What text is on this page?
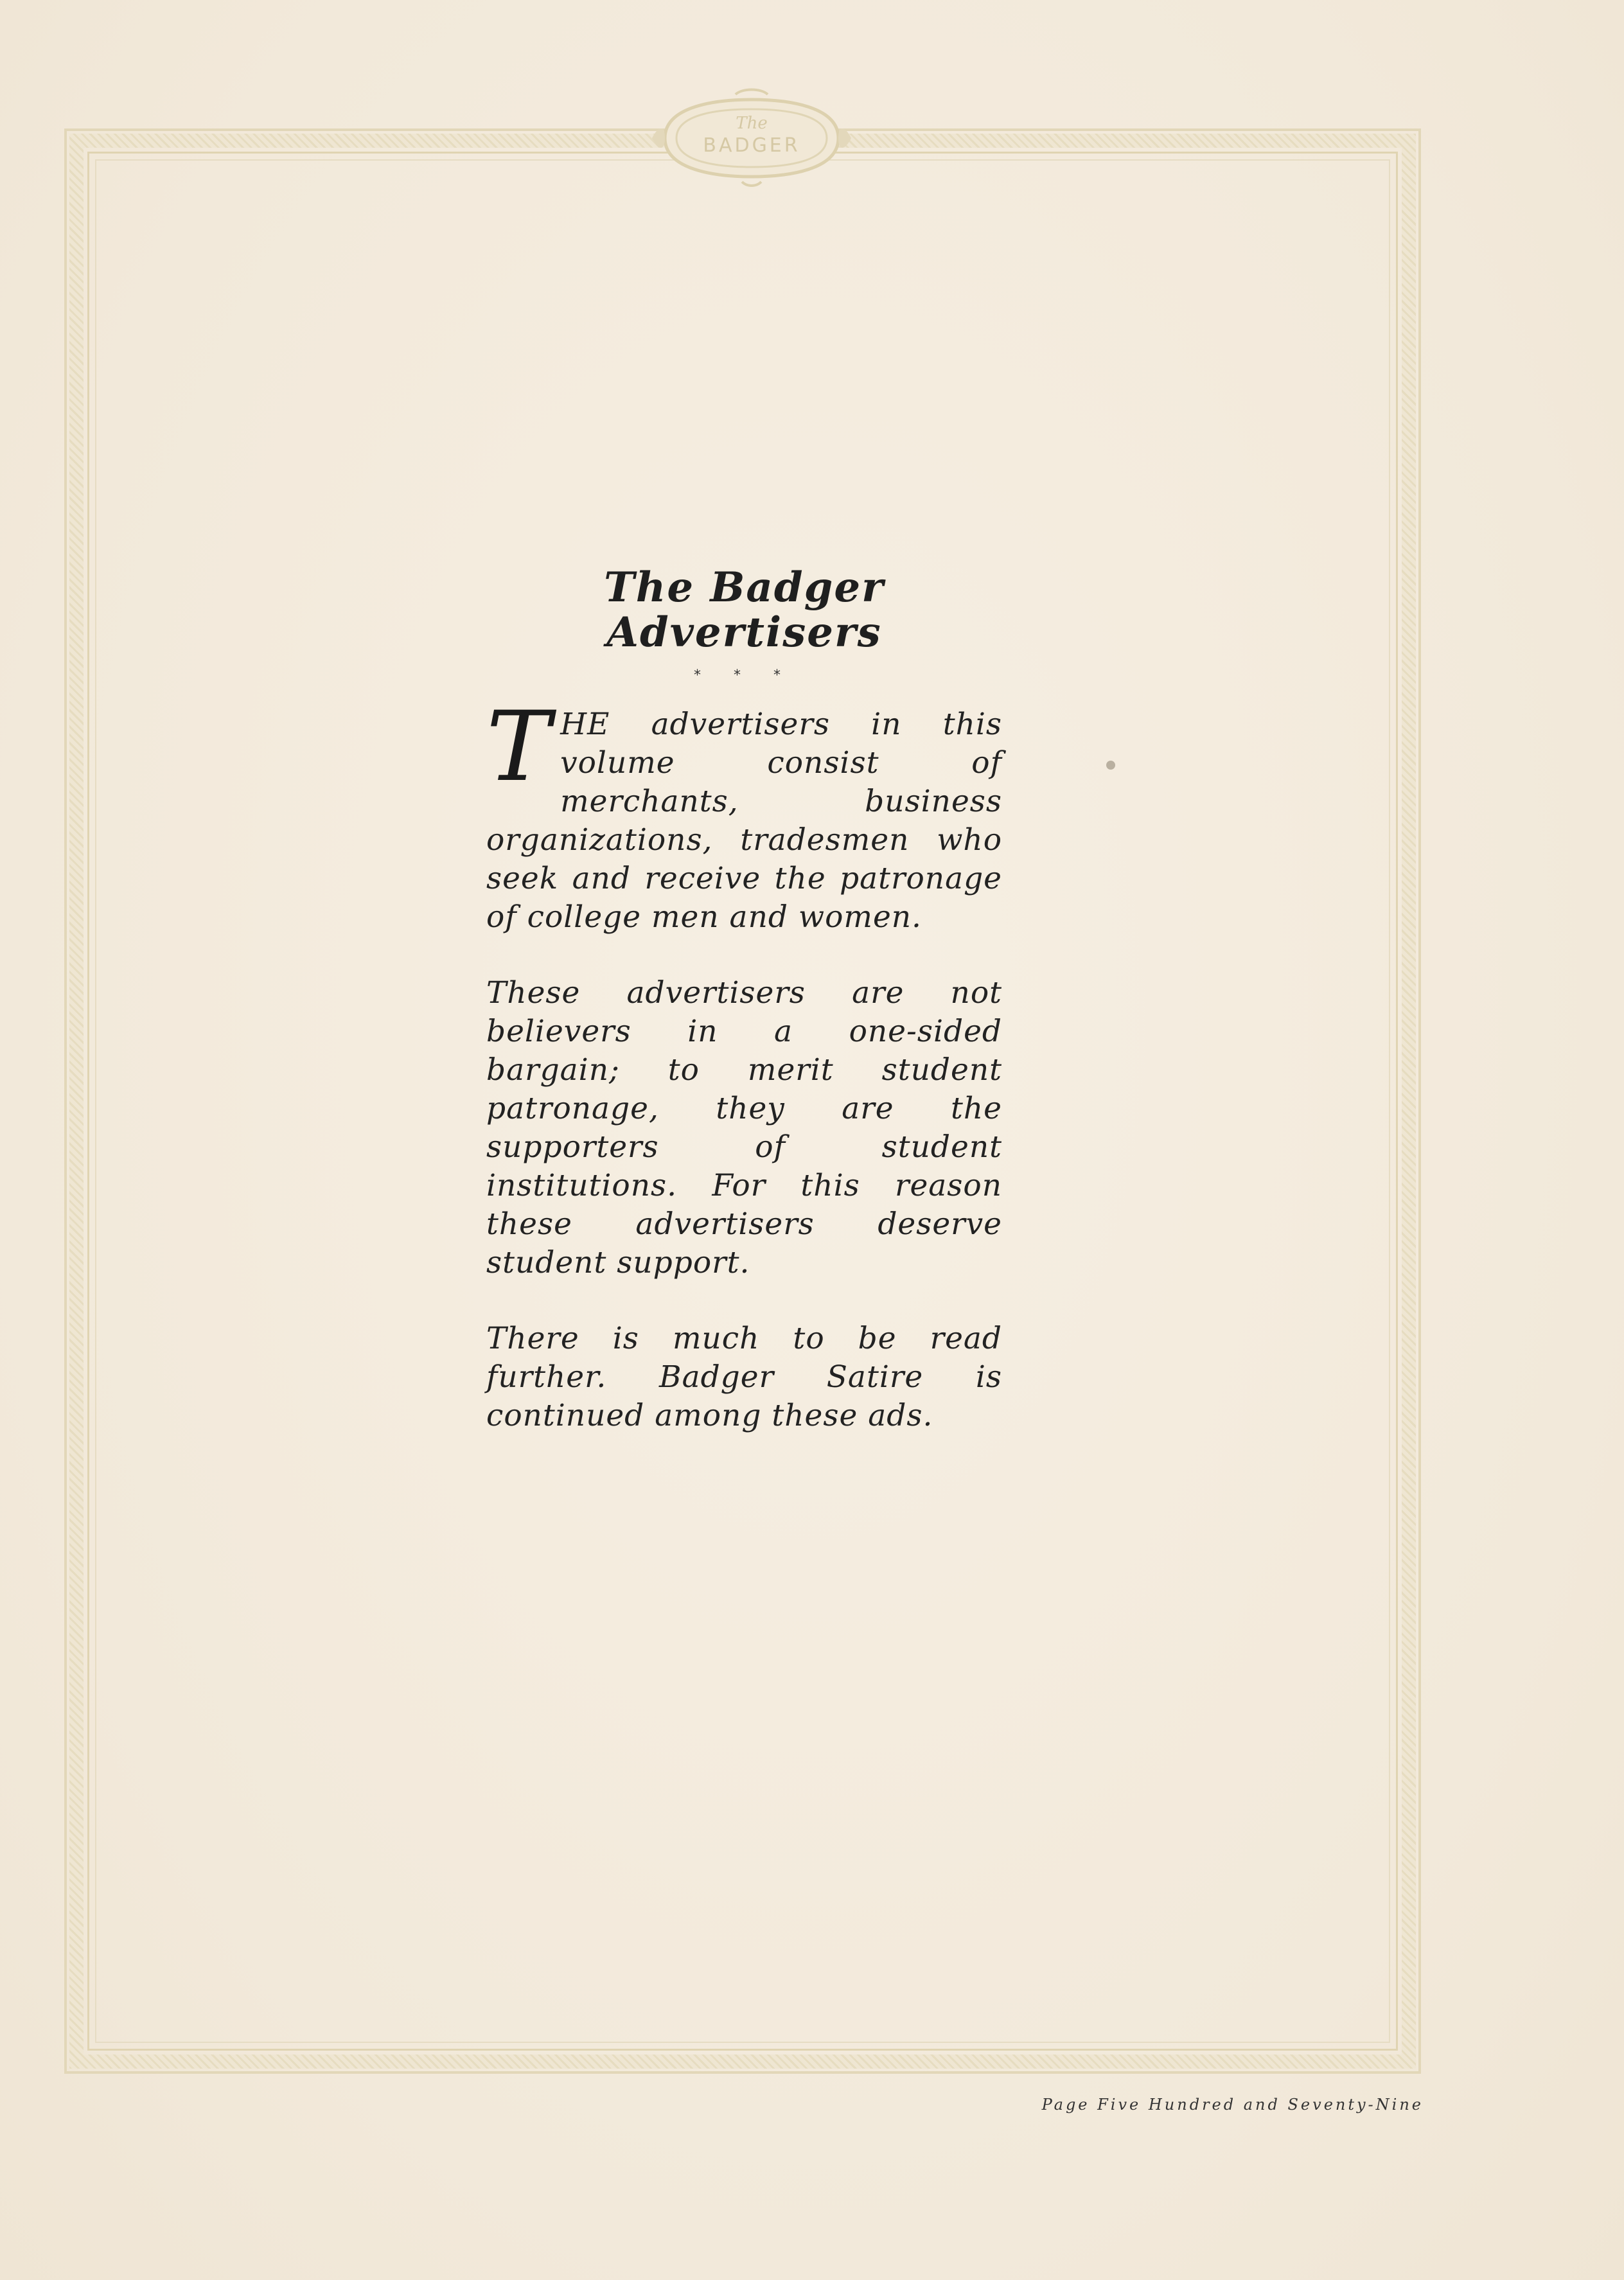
The
BADGER
The Badger Advertisers
* * *

THE advertisers in this volume consist of merchants, business organizations, tradesmen who seek and receive the patronage of college men and women.

These advertisers are not believers in a one-sided bargain; to merit student patronage, they are the supporters of student institutions. For this reason these advertisers deserve student support.

There is much to be read further. Badger Satire is continued among these ads.

Page Five Hundred and Seventy-Nine
